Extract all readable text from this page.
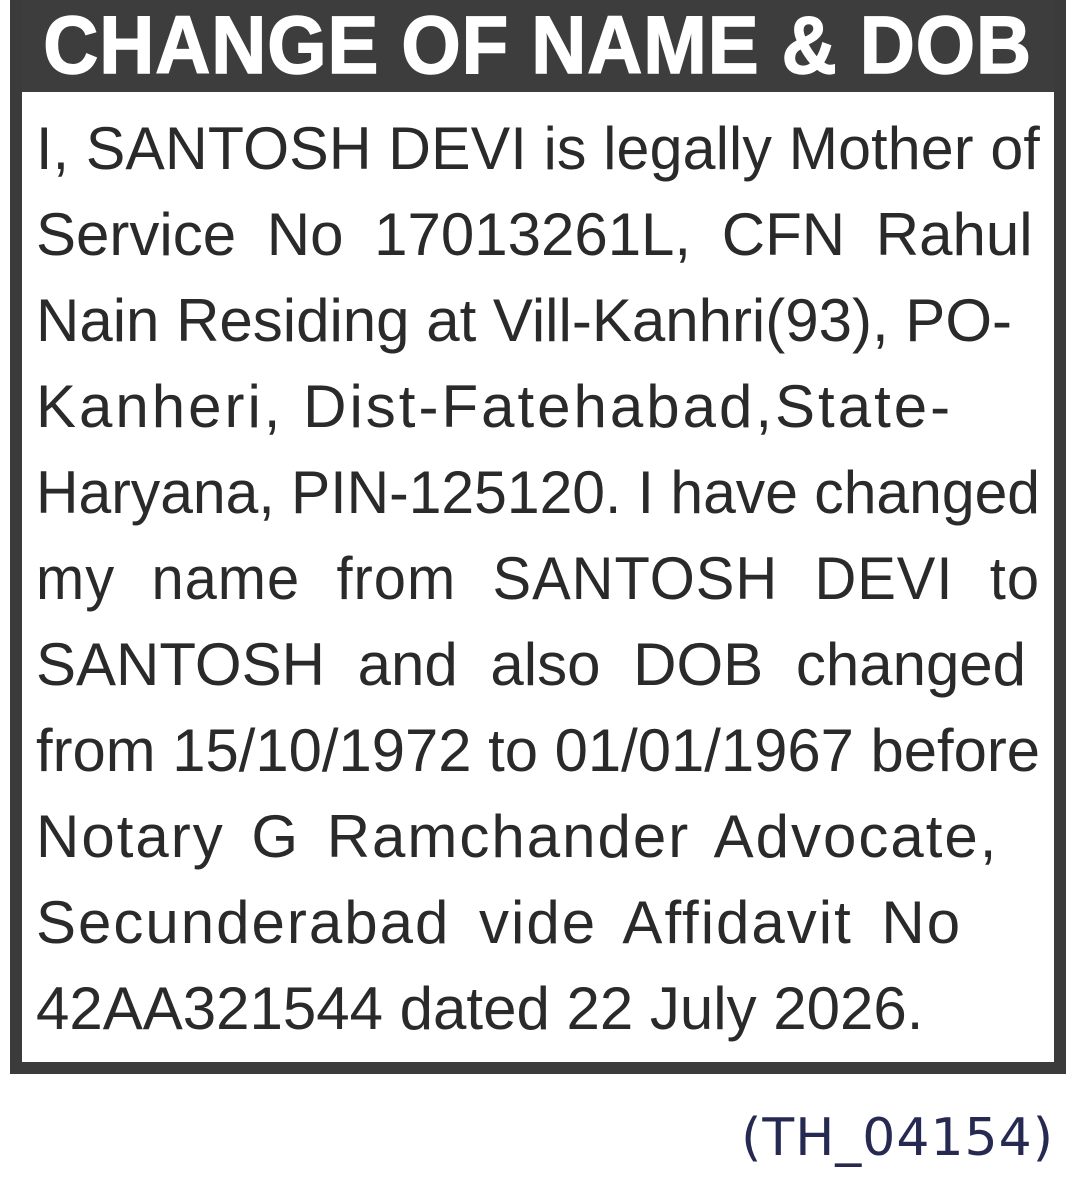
CHANGE OF NAME & DOB
I, SANTOSH DEVI is legally Mother of
Service No 17013261L, CFN Rahul
Nain Residing at Vill-Kanhri(93), PO-
Kanheri, Dist-Fatehabad,State-
Haryana, PIN-125120. I have changed
my name from SANTOSH DEVI to
SANTOSH and also DOB changed
from 15/10/1972 to 01/01/1967 before
Notary G Ramchander Advocate,
Secunderabad vide Affidavit No
42AA321544 dated 22 July 2026.
(TH_04154)
